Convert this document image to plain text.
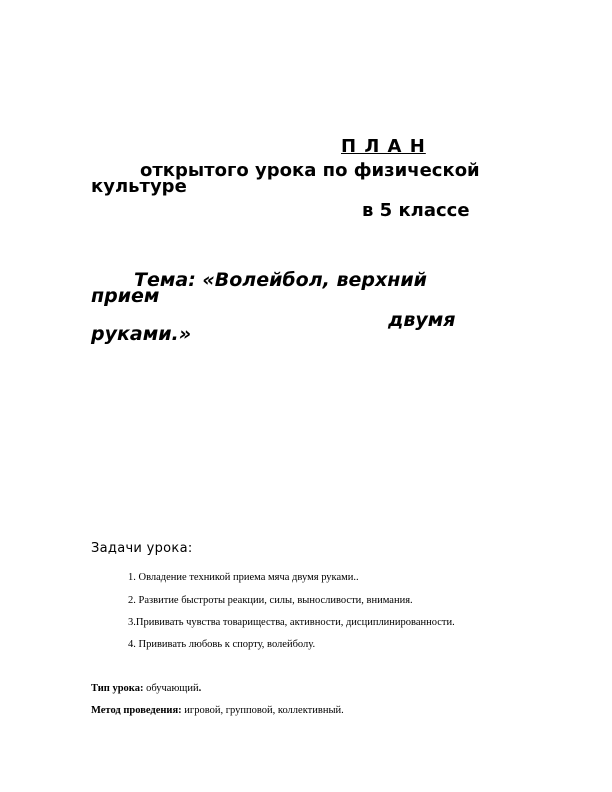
П Л А Н
открытого урока по физической
культуре
в 5 классе
Тема: «Волейбол, верхний
прием
двумя
руками.»
Задачи урока:
1. Овладение техникой приема мяча двумя руками..
2. Развитие быстроты реакции, силы, выносливости, внимания.
3.Прививать чувства товарищества, активности, дисциплинированности.
4. Прививать любовь к спорту, волейболу.
Тип урока: обучающий.
Метод проведения: игровой, групповой, коллективный.
